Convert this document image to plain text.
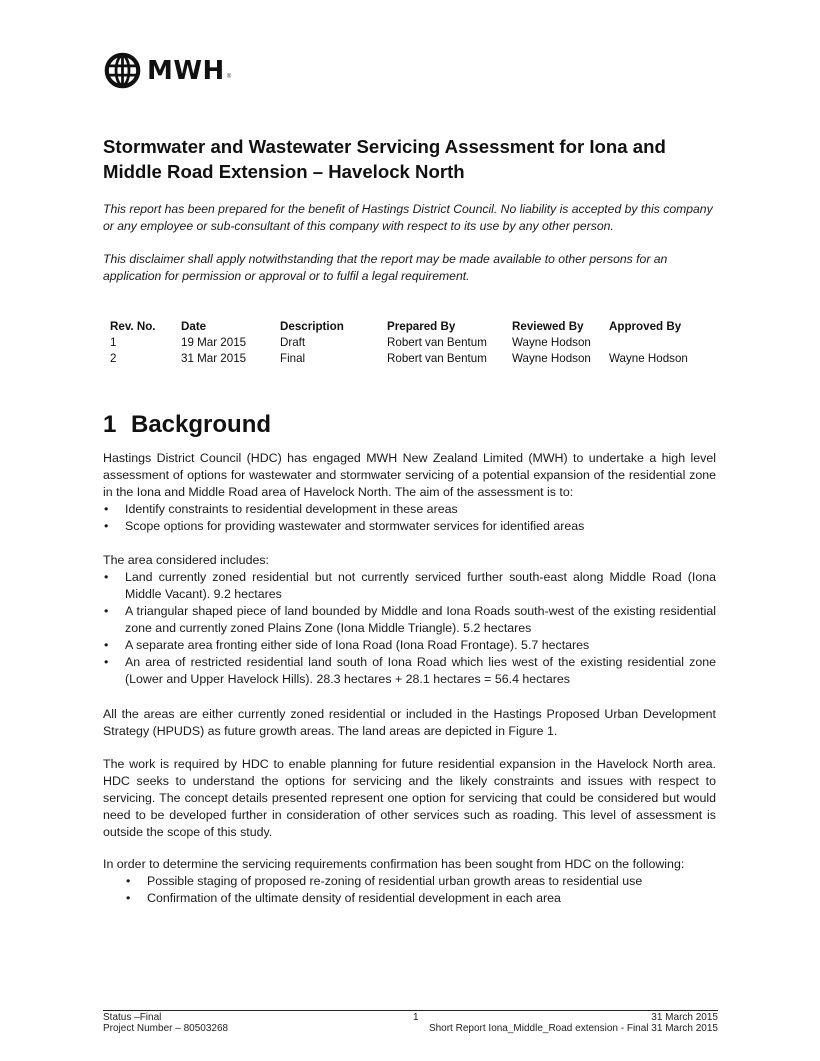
MWH ®
Stormwater and Wastewater Servicing Assessment for Iona and Middle Road Extension – Havelock North

This report has been prepared for the benefit of Hastings District Council. No liability is accepted by this company or any employee or sub-consultant of this company with respect to its use by any other person.

This disclaimer shall apply notwithstanding that the report may be made available to other persons for an application for permission or approval or to fulfil a legal requirement.

Rev. No.	Date	Description	Prepared By	Reviewed By	Approved By
1	19 Mar 2015	Draft	Robert van Bentum	Wayne Hodson	
2	31 Mar 2015	Final	Robert van Bentum	Wayne Hodson	Wayne Hodson
1 Background

Hastings District Council (HDC) has engaged MWH New Zealand Limited (MWH) to undertake a high level assessment of options for wastewater and stormwater servicing of a potential expansion of the residential zone in the Iona and Middle Road area of Havelock North. The aim of the assessment is to:

• Identify constraints to residential development in these areas
• Scope options for providing wastewater and stormwater services for identified areas

The area considered includes:

• Land currently zoned residential but not currently serviced further south-east along Middle Road (Iona Middle Vacant). 9.2 hectares
• A triangular shaped piece of land bounded by Middle and Iona Roads south-west of the existing residential zone and currently zoned Plains Zone (Iona Middle Triangle). 5.2 hectares
• A separate area fronting either side of Iona Road (Iona Road Frontage). 5.7 hectares
• An area of restricted residential land south of Iona Road which lies west of the existing residential zone (Lower and Upper Havelock Hills). 28.3 hectares + 28.1 hectares = 56.4 hectares

All the areas are either currently zoned residential or included in the Hastings Proposed Urban Development Strategy (HPUDS) as future growth areas. The land areas are depicted in Figure 1.

The work is required by HDC to enable planning for future residential expansion in the Havelock North area. HDC seeks to understand the options for servicing and the likely constraints and issues with respect to servicing. The concept details presented represent one option for servicing that could be considered but would need to be developed further in consideration of other services such as roading. This level of assessment is outside the scope of this study.

In order to determine the servicing requirements confirmation has been sought from HDC on the following:

• Possible staging of proposed re-zoning of residential urban growth areas to residential use
• Confirmation of the ultimate density of residential development in each area
Status –Final
Project Number – 80503268
1	31 March 2015
Short Report Iona_Middle_Road extension - Final 31 March 2015
